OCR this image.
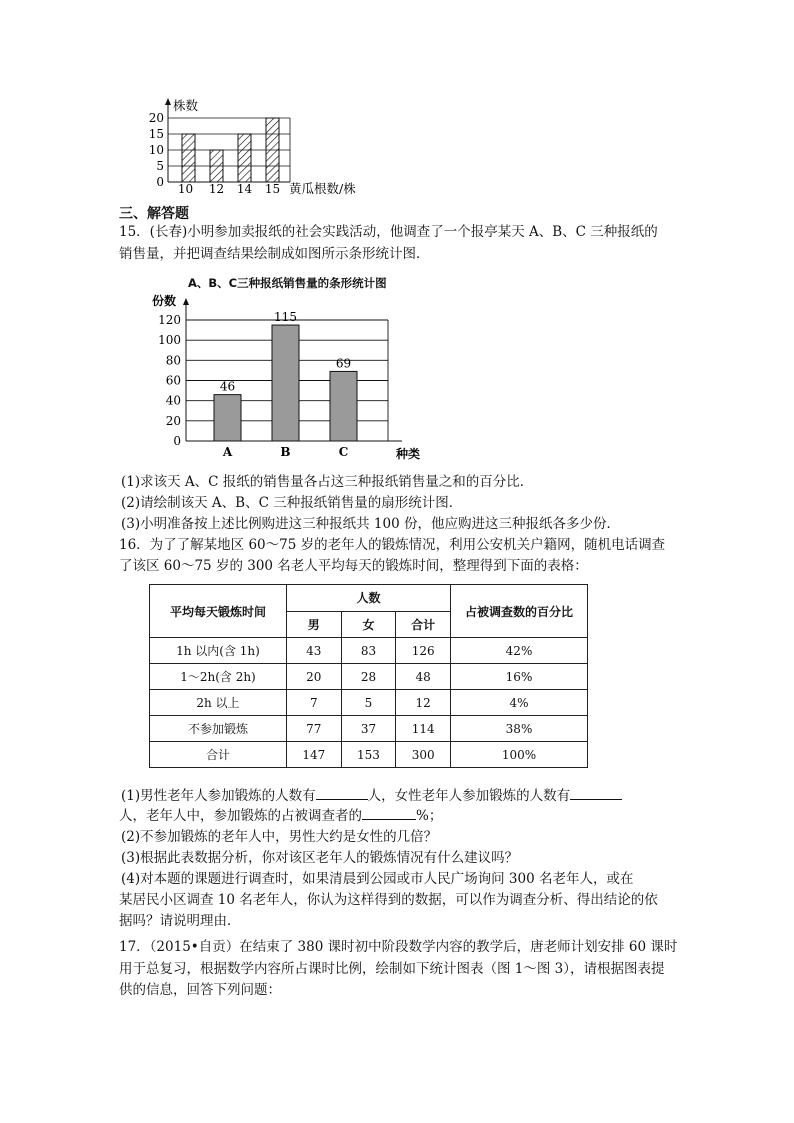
0
5
10
15
20
10 12 14 15
株数
黄瓜根数/株
三、解答题
15．(长春)小明参加卖报纸的社会实践活动，他调查了一个报亭某天 A、B、C 三种报纸的
销售量，并把调查结果绘制成如图所示条形统计图．
A、B、C三种报纸销售量的条形统计图
0
20
40
60
80
100
120
A	B	C
46
115
69
份数
种类
(1)求该天 A、C 报纸的销售量各占这三种报纸销售量之和的百分比．
(2)请绘制该天 A、B、C 三种报纸销售量的扇形统计图．
(3)小明准备按上述比例购进这三种报纸共 100 份，他应购进这三种报纸各多少份．
16．为了了解某地区 60～75 岁的老年人的锻炼情况，利用公安机关户籍网，随机电话调查
了该区 60～75 岁的 300 名老人平均每天的锻炼时间，整理得到下面的表格：
平均每天锻炼时间	人数			占被调查数的百分比
	男	女	合计	
1h 以内(含 1h)	43	83	126	42%
1～2h(含 2h)	20	28	48	16%
2h 以上	7	5	12	4%
不参加锻炼	77	37	114	38%
合计	147	153	300	100%
(1)男性老年人参加锻炼的人数有	人，女性老年人参加锻炼的人数有
人，老年人中，参加锻炼的占被调查者的	%；
(2)不参加锻炼的老年人中，男性大约是女性的几倍？
(3)根据此表数据分析，你对该区老年人的锻炼情况有什么建议吗？
(4)对本题的课题进行调查时，如果清晨到公园或市人民广场询问 300 名老年人，或在
某居民小区调查 10 名老年人，你认为这样得到的数据，可以作为调查分析、得出结论的依
据吗？请说明理由．
17．（2015•自贡）在结束了 380 课时初中阶段数学内容的教学后，唐老师计划安排 60 课时
用于总复习，根据数学内容所占课时比例，绘制如下统计图表（图 1～图 3），请根据图表提
供的信息，回答下列问题：
